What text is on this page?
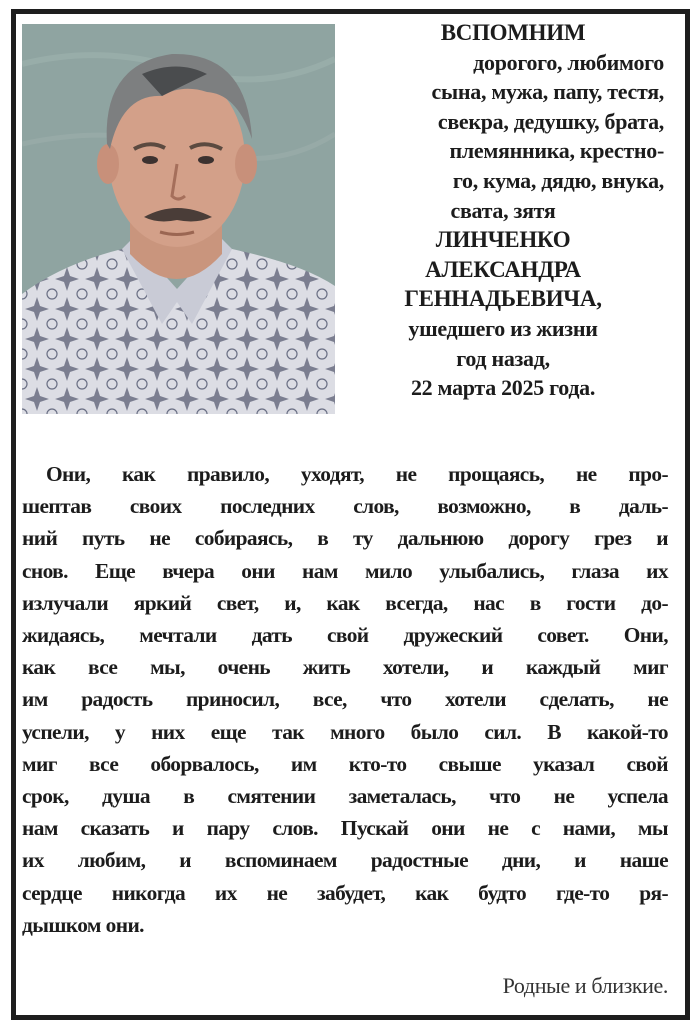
ВСПОМНИМ
дорогого, любимого
сына, мужа, папу, тестя,
свекра, дедушку, брата,
племянника, крестно-
го, кума, дядю, внука,
свата, зятя
ЛИНЧЕНКО
АЛЕКСАНДРА
ГЕННАДЬЕВИЧА,
ушедшего из жизни
год назад,
22 марта 2025 года.
Они, как правило, уходят, не прощаясь, не про-
шептав своих последних слов, возможно, в даль-
ний путь не собираясь, в ту дальнюю дорогу грез и
снов. Еще вчера они нам мило улыбались, глаза их
излучали яркий свет, и, как всегда, нас в гости до-
жидаясь, мечтали дать свой дружеский совет. Они,
как все мы, очень жить хотели, и каждый миг
им радость приносил, все, что хотели сделать, не
успели, у них еще так много было сил. В какой-то
миг все оборвалось, им кто-то свыше указал свой
срок, душа в смятении заметалась, что не успела
нам сказать и пару слов. Пускай они не с нами, мы
их любим, и вспоминаем радостные дни, и наше
сердце никогда их не забудет, как будто где-то ря-
дышком они.
Родные и близкие.
